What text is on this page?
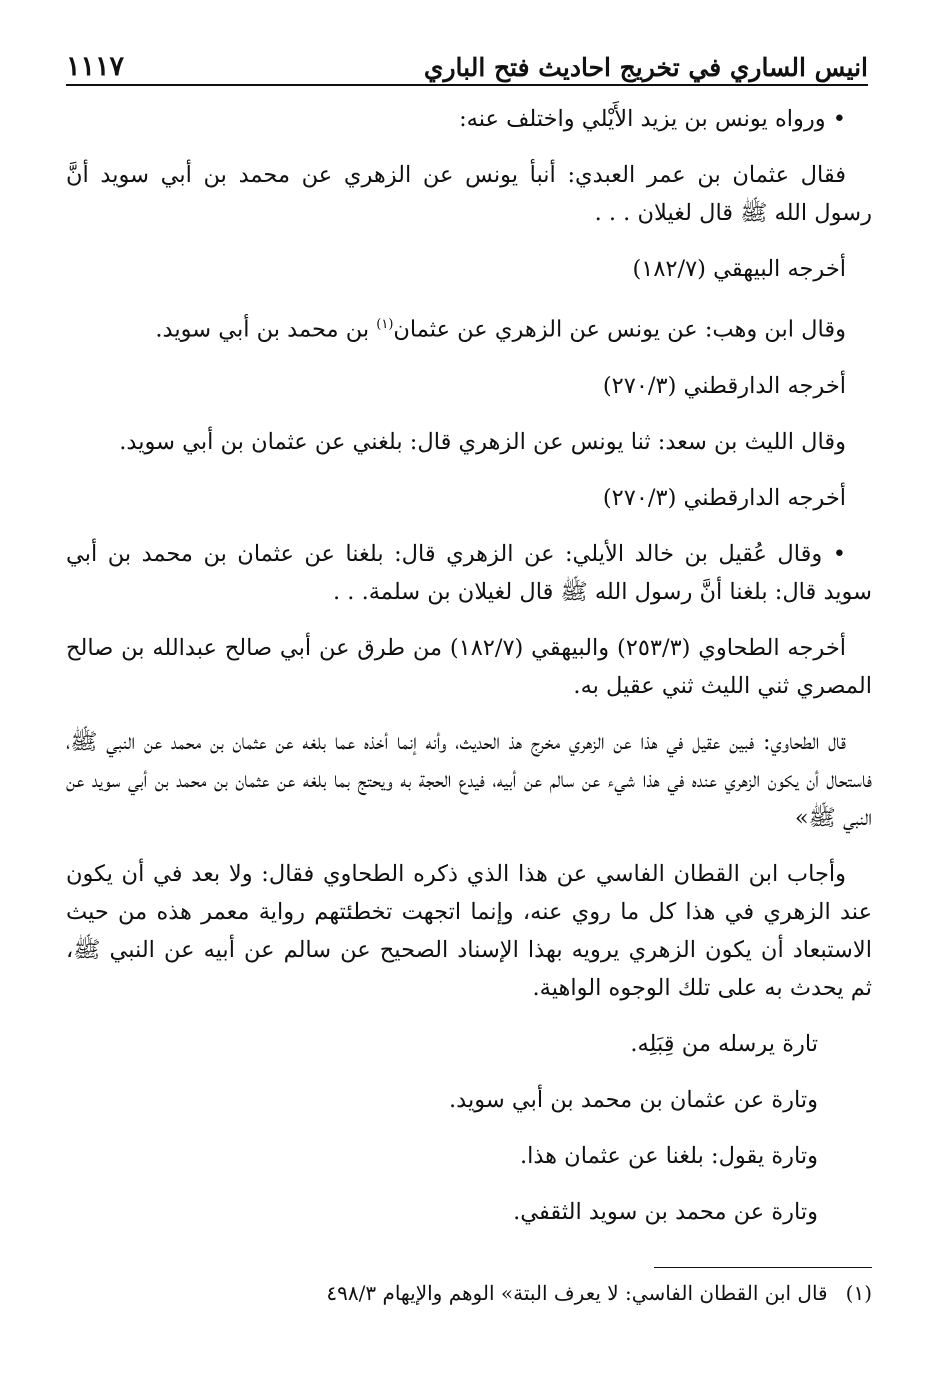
١١١٧	انيس الساري في تخريج احاديث فتح الباري

• ورواه يونس بن يزيد الأَيْلي واختلف عنه:

فقال عثمان بن عمر العبدي: أنبأ يونس عن الزهري عن محمد بن أبي سويد أنَّ رسول الله ﷺ قال لغيلان . . .

أخرجه البيهقي (١٨٢/٧)

وقال ابن وهب: عن يونس عن الزهري عن عثمان$^{(١)}$ بن محمد بن أبي سويد.

أخرجه الدارقطني (٢٧٠/٣)

وقال الليث بن سعد: ثنا يونس عن الزهري قال: بلغني عن عثمان بن أبي سويد.

أخرجه الدارقطني (٢٧٠/٣)

• وقال عُقيل بن خالد الأيلي: عن الزهري قال: بلغنا عن عثمان بن محمد بن أبي سويد قال: بلغنا أنَّ رسول الله ﷺ قال لغيلان بن سلمة. . .

أخرجه الطحاوي (٢٥٣/٣) والبيهقي (١٨٢/٧) من طرق عن أبي صالح عبدالله بن صالح المصري ثني الليث ثني عقيل به.

قال الطحاوي: فبين عقيل في هذا عن الزهري مخرج هذ الحديث، وأنه إنما أخذه عما بلغه عن عثمان بن محمد عن النبي ﷺ، فاستحال أن يكون الزهري عنده في هذا شيء عن سالم عن أبيه، فيدع الحجة به ويحتج بما بلغه عن عثمان بن محمد بن أبي سويد عن النبي ﷺ»

وأجاب ابن القطان الفاسي عن هذا الذي ذكره الطحاوي فقال: ولا بعد في أن يكون عند الزهري في هذا كل ما روي عنه، وإنما اتجهت تخطئتهم رواية معمر هذه من حيث الاستبعاد أن يكون الزهري يرويه بهذا الإسناد الصحيح عن سالم عن أبيه عن النبي ﷺ، ثم يحدث به على تلك الوجوه الواهية.

تارة يرسله من قِبَلِه.

وتارة عن عثمان بن محمد بن أبي سويد.

وتارة يقول: بلغنا عن عثمان هذا.

وتارة عن محمد بن سويد الثقفي.

(١)قال ابن القطان الفاسي: لا يعرف البتة» الوهم والإيهام ٤٩٨/٣
